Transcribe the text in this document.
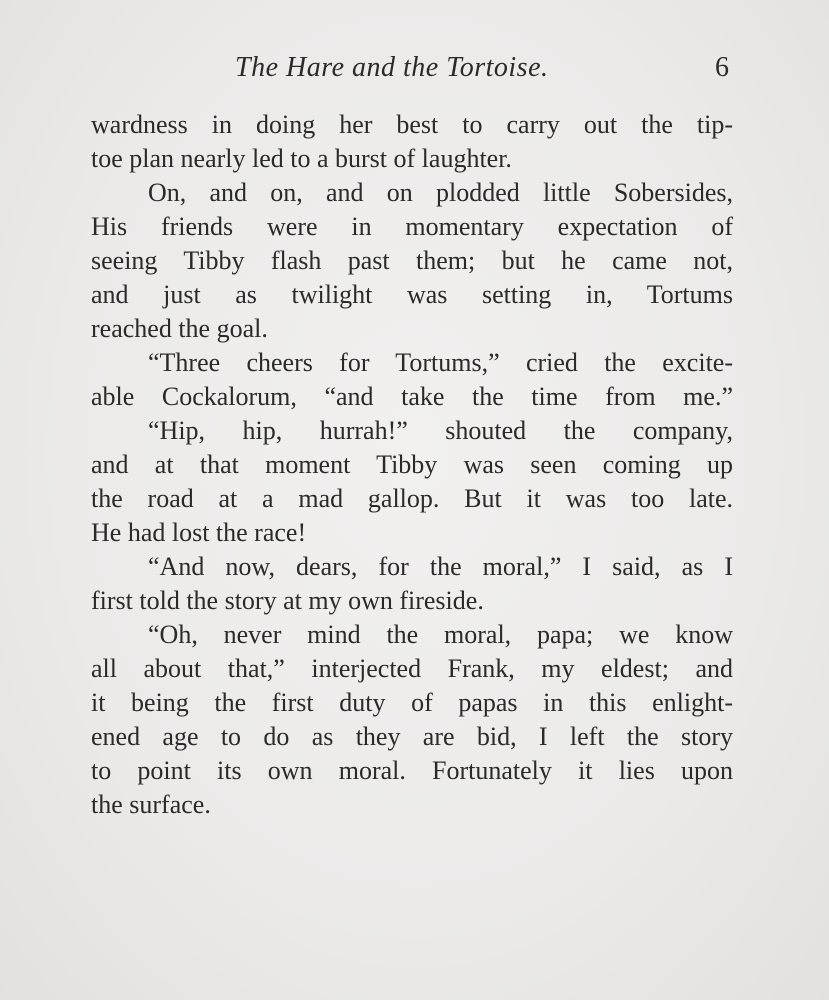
The Hare and the Tortoise.	6
wardness in doing her best to carry out the tip-
toe plan nearly led to a burst of laughter.
On, and on, and on plodded little Sobersides,
His friends were in momentary expectation of
seeing Tibby flash past them; but he came not,
and just as twilight was setting in, Tortums
reached the goal.
“Three cheers for Tortums,” cried the excite-
able Cockalorum, “and take the time from me.”
“Hip, hip, hurrah!” shouted the company,
and at that moment Tibby was seen coming up
the road at a mad gallop. But it was too late.
He had lost the race!
“And now, dears, for the moral,” I said, as I
first told the story at my own fireside.
“Oh, never mind the moral, papa; we know
all about that,” interjected Frank, my eldest; and
it being the first duty of papas in this enlight-
ened age to do as they are bid, I left the story
to point its own moral. Fortunately it lies upon
the surface.
